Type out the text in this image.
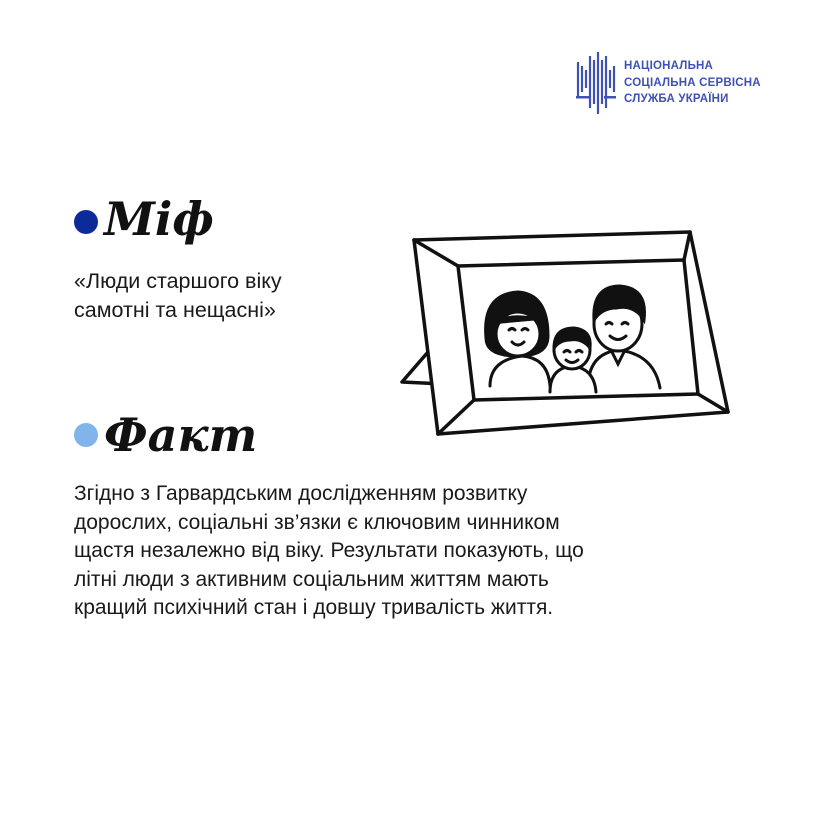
НАЦІОНАЛЬНА
СОЦІАЛЬНА СЕРВІСНА
СЛУЖБА УКРАЇНИ
Міф
«Люди старшого віку
самотні та нещасні»
Факт
Згідно з Гарвардським дослідженням розвитку
дорослих, соціальні зв’язки є ключовим чинником
щастя незалежно від віку. Результати показують, що
літні люди з активним соціальним життям мають
кращий психічний стан і довшу тривалість життя.
